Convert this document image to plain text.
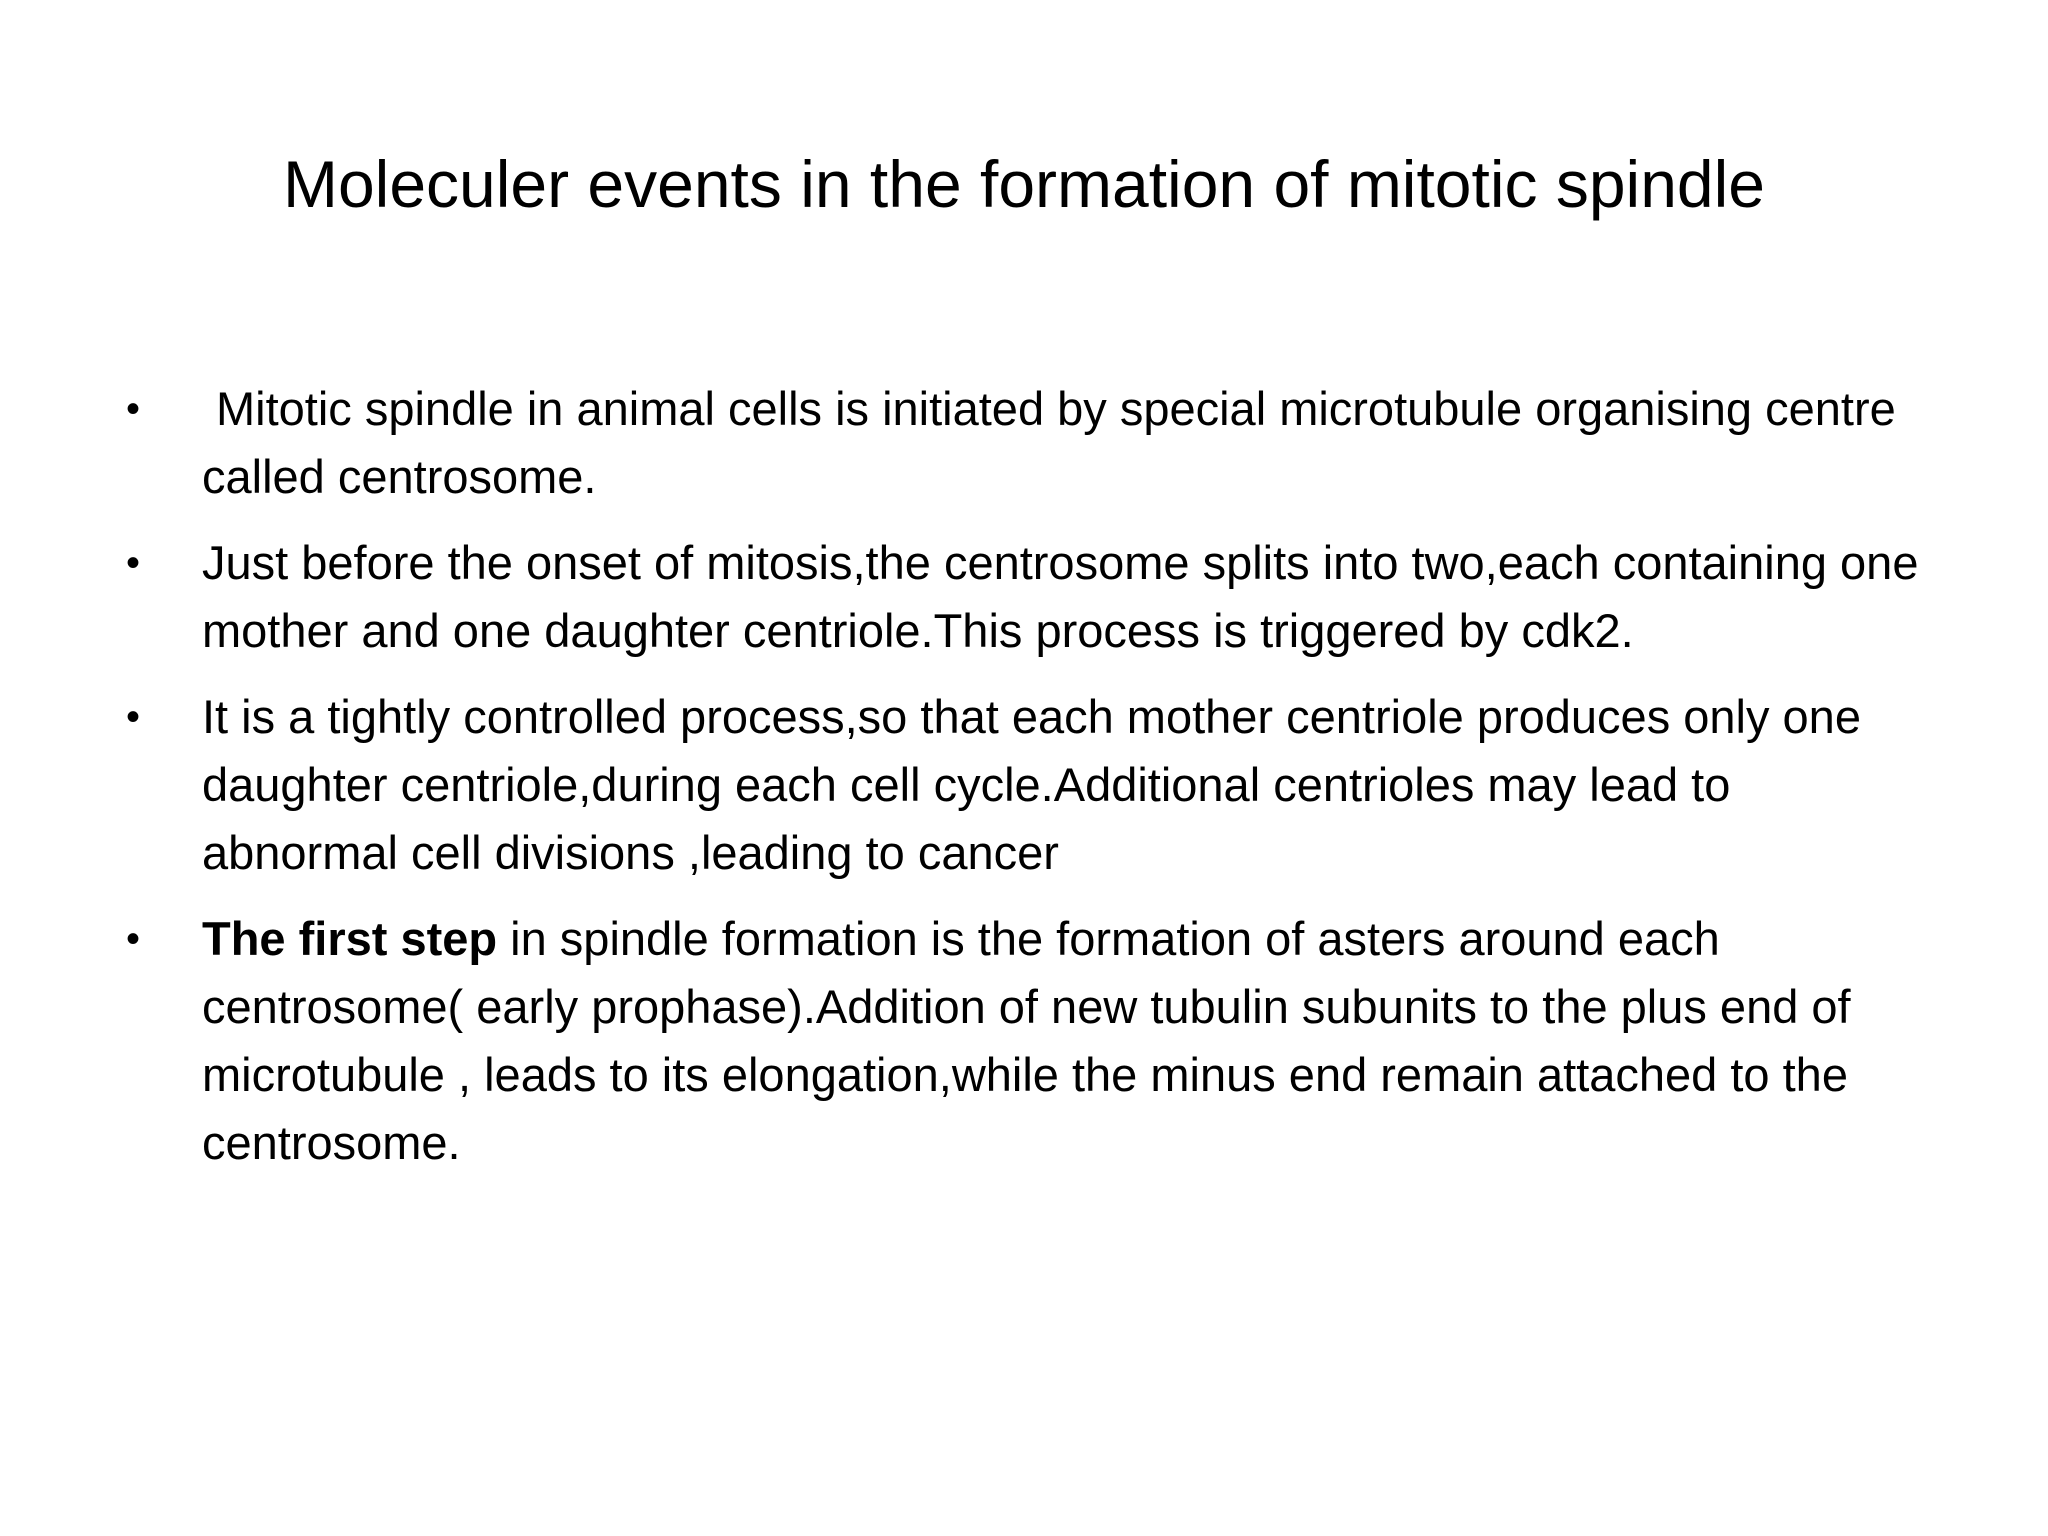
Moleculer events in the formation of mitotic spindle
• Mitotic spindle in animal cells is initiated by special microtubule organising centre called centrosome.
• Just before the onset of mitosis,the centrosome splits into two,each containing one mother and one daughter centriole.This process is triggered by cdk2.
• It is a tightly controlled process,so that each mother centriole produces only one daughter centriole,during each cell cycle.Additional centrioles may lead to abnormal cell divisions ,leading to cancer
• The first step in spindle formation is the formation of asters around each centrosome( early prophase).Addition of new tubulin subunits to the plus end of microtubule , leads to its elongation,while the minus end remain attached to the centrosome.
